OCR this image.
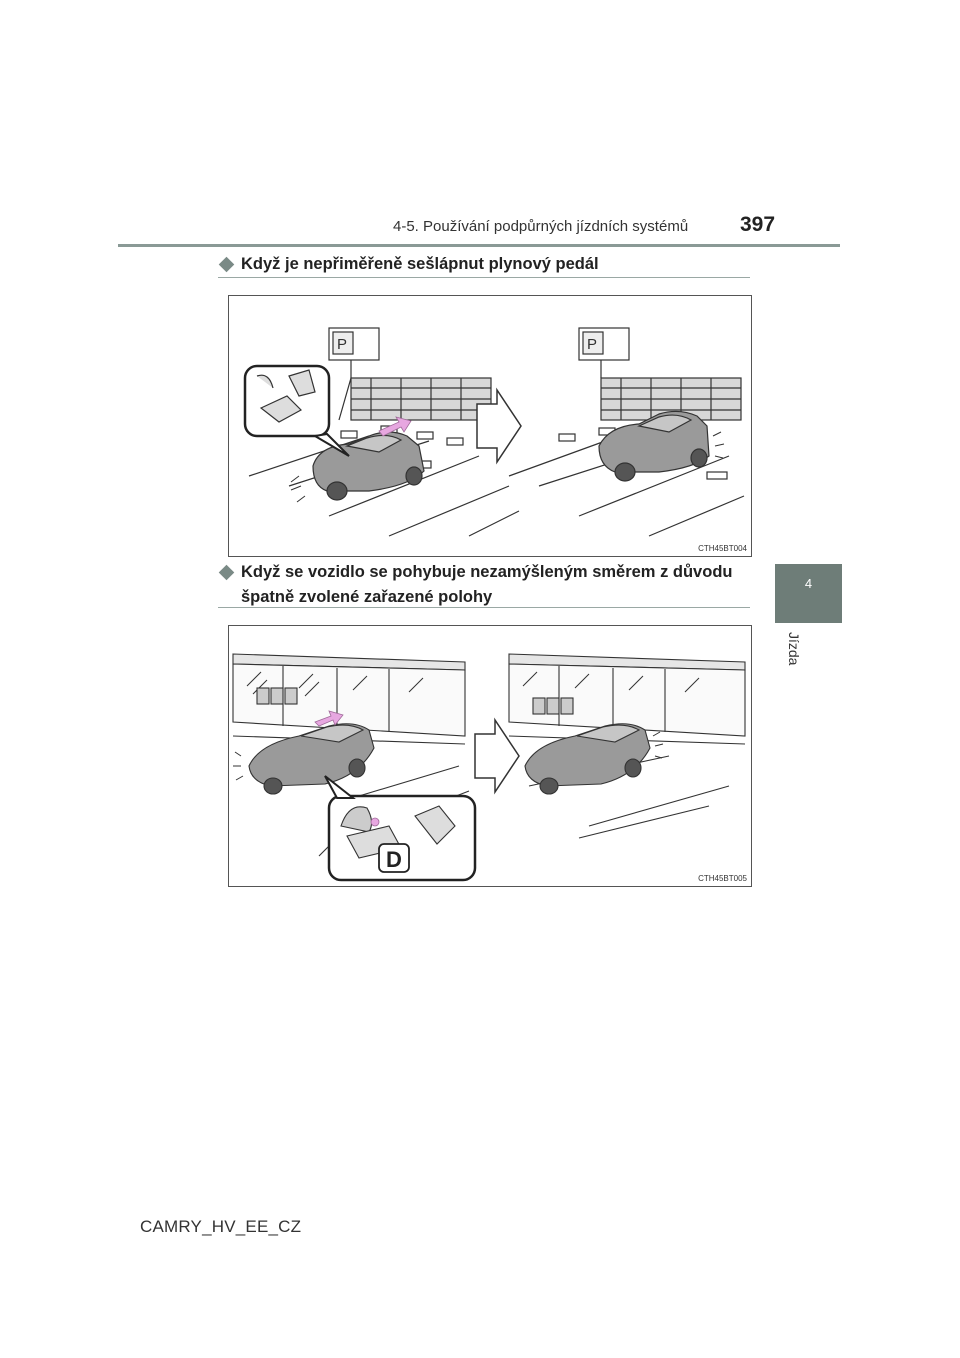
4-5. Používání podpůrných jízdních systémů 397
4
Jízda
Když je nepřiměřeně sešlápnut plynový pedál
P	P
CTH45BT004
Když se vozidlo se pohybuje nezamýšleným směrem z důvodu
špatně zvolené zařazené polohy
D
CTH45BT005
CAMRY_HV_EE_CZ
